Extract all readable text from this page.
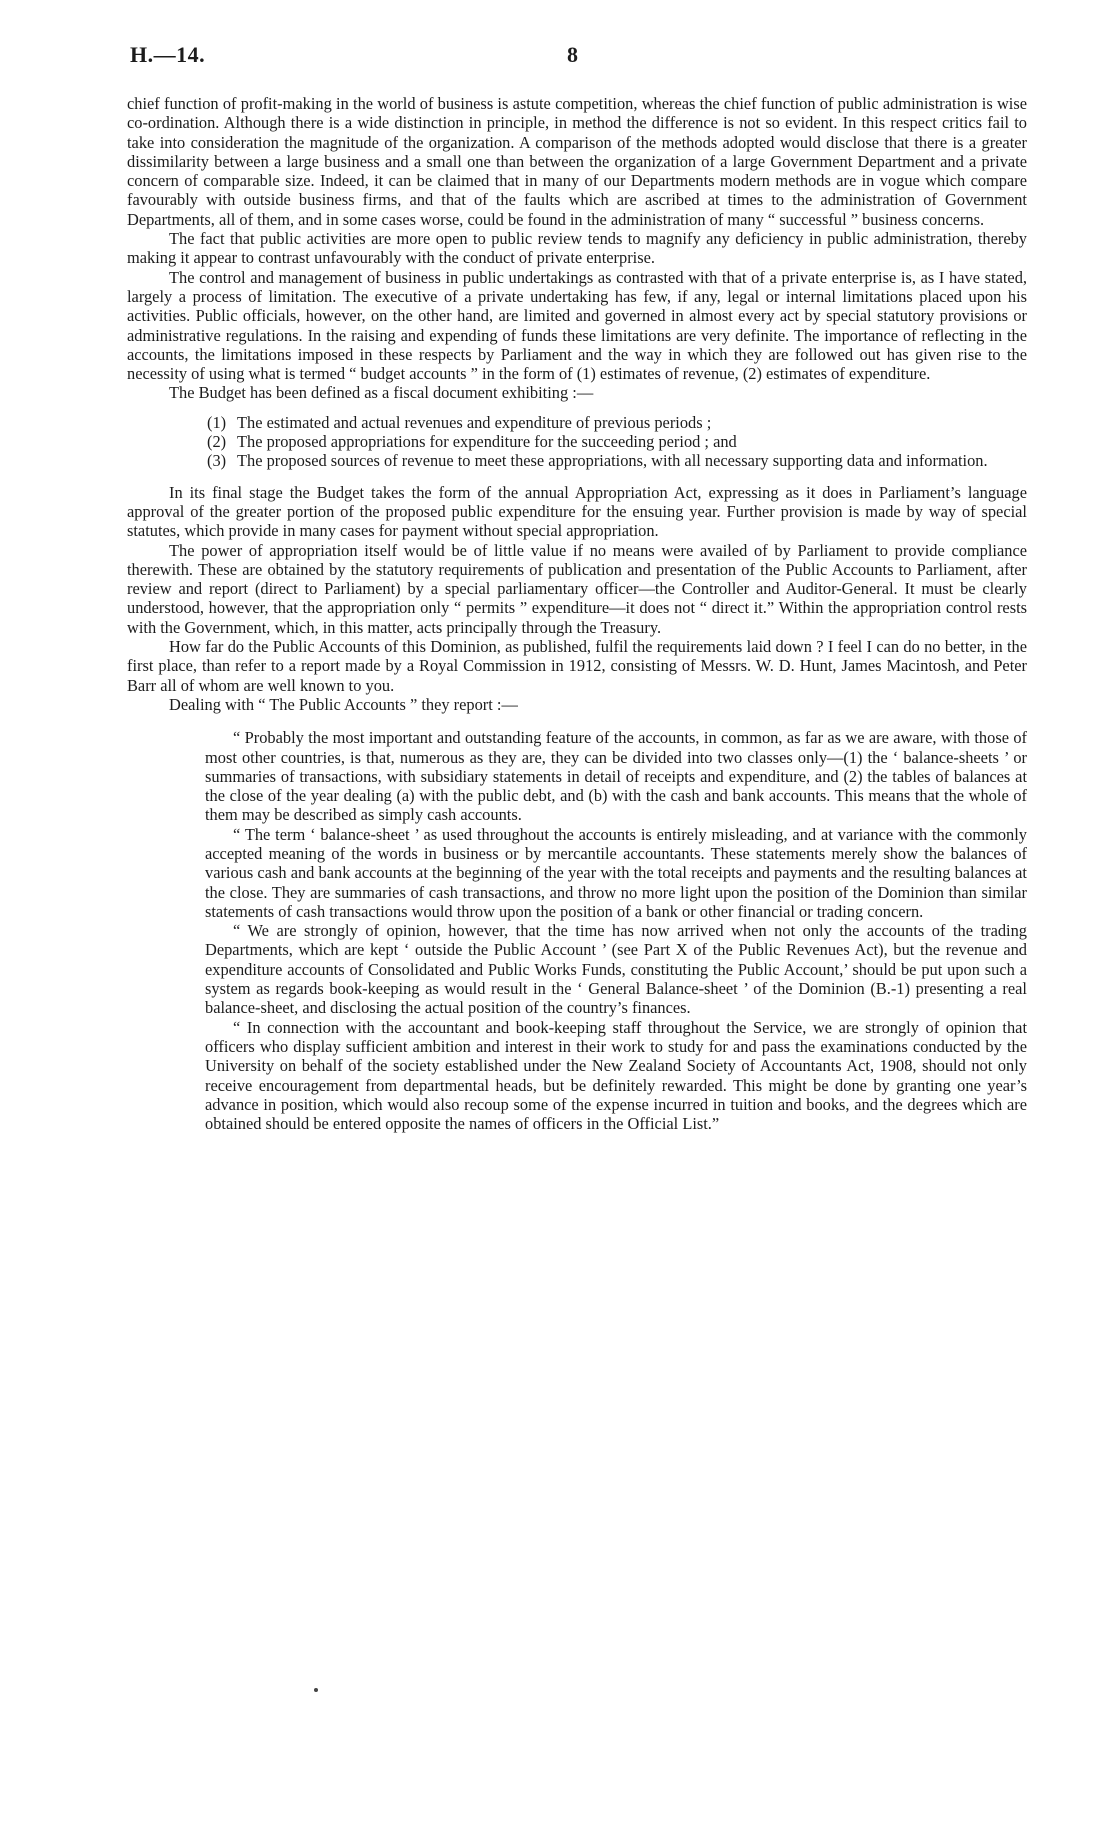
H.—14.	8

chief function of profit-making in the world of business is astute competition, whereas the chief function of public administration is wise co-ordination. Although there is a wide distinction in principle, in method the difference is not so evident. In this respect critics fail to take into consideration the magnitude of the organization. A comparison of the methods adopted would disclose that there is a greater dissimilarity between a large business and a small one than between the organization of a large Government Department and a private concern of comparable size. Indeed, it can be claimed that in many of our Departments modern methods are in vogue which compare favourably with outside business firms, and that of the faults which are ascribed at times to the administration of Government Departments, all of them, and in some cases worse, could be found in the administration of many “ successful ” business concerns.

The fact that public activities are more open to public review tends to magnify any deficiency in public administration, thereby making it appear to contrast unfavourably with the conduct of private enterprise.

The control and management of business in public undertakings as contrasted with that of a private enterprise is, as I have stated, largely a process of limitation. The executive of a private undertaking has few, if any, legal or internal limitations placed upon his activities. Public officials, however, on the other hand, are limited and governed in almost every act by special statutory provisions or administrative regulations. In the raising and expending of funds these limitations are very definite. The importance of reflecting in the accounts, the limitations imposed in these respects by Parliament and the way in which they are followed out has given rise to the necessity of using what is termed “ budget accounts ” in the form of (1) estimates of revenue, (2) estimates of expenditure.

The Budget has been defined as a fiscal document exhibiting :—

(1) The estimated and actual revenues and expenditure of previous periods ;
(2) The proposed appropriations for expenditure for the succeeding period ; and
(3) The proposed sources of revenue to meet these appropriations, with all necessary supporting data and information.

In its final stage the Budget takes the form of the annual Appropriation Act, expressing as it does in Parliament’s language approval of the greater portion of the proposed public expenditure for the ensuing year. Further provision is made by way of special statutes, which provide in many cases for payment without special appropriation.

The power of appropriation itself would be of little value if no means were availed of by Parliament to provide compliance therewith. These are obtained by the statutory requirements of publication and presentation of the Public Accounts to Parliament, after review and report (direct to Parliament) by a special parliamentary officer—the Controller and Auditor-General. It must be clearly understood, however, that the appropriation only “ permits ” expenditure—it does not “ direct it.” Within the appropriation control rests with the Government, which, in this matter, acts principally through the Treasury.

How far do the Public Accounts of this Dominion, as published, fulfil the requirements laid down ? I feel I can do no better, in the first place, than refer to a report made by a Royal Commission in 1912, consisting of Messrs. W. D. Hunt, James Macintosh, and Peter Barr all of whom are well known to you.

Dealing with “ The Public Accounts ” they report :—

“ Probably the most important and outstanding feature of the accounts, in common, as far as we are aware, with those of most other countries, is that, numerous as they are, they can be divided into two classes only—(1) the ‘ balance-sheets ’ or summaries of transactions, with subsidiary statements in detail of receipts and expenditure, and (2) the tables of balances at the close of the year dealing (a) with the public debt, and (b) with the cash and bank accounts. This means that the whole of them may be described as simply cash accounts.

“ The term ‘ balance-sheet ’ as used throughout the accounts is entirely misleading, and at variance with the commonly accepted meaning of the words in business or by mercantile accountants. These statements merely show the balances of various cash and bank accounts at the beginning of the year with the total receipts and payments and the resulting balances at the close. They are summaries of cash transactions, and throw no more light upon the position of the Dominion than similar statements of cash transactions would throw upon the position of a bank or other financial or trading concern.

“ We are strongly of opinion, however, that the time has now arrived when not only the accounts of the trading Departments, which are kept ‘ outside the Public Account ’ (see Part X of the Public Revenues Act), but the revenue and expenditure accounts of Consolidated and Public Works Funds, constituting the Public Account,’ should be put upon such a system as regards book-keeping as would result in the ‘ General Balance-sheet ’ of the Dominion (B.-1) presenting a real balance-sheet, and disclosing the actual position of the country’s finances.

“ In connection with the accountant and book-keeping staff throughout the Service, we are strongly of opinion that officers who display sufficient ambition and interest in their work to study for and pass the examinations conducted by the University on behalf of the society established under the New Zealand Society of Accountants Act, 1908, should not only receive encouragement from departmental heads, but be definitely rewarded. This might be done by granting one year’s advance in position, which would also recoup some of the expense incurred in tuition and books, and the degrees which are obtained should be entered opposite the names of officers in the Official List.”
